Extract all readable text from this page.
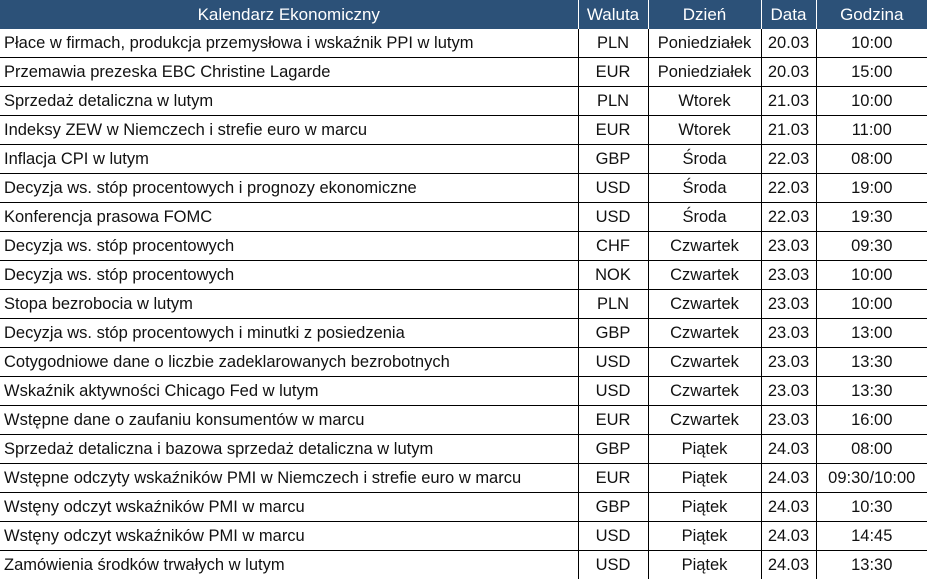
Kalendarz Ekonomiczny	Waluta	Dzień	Data	Godzina
Płace w firmach, produkcja przemysłowa i wskaźnik PPI w lutym	PLN	Poniedziałek	20.03	10:00
Przemawia prezeska EBC Christine Lagarde	EUR	Poniedziałek	20.03	15:00
Sprzedaż detaliczna w lutym	PLN	Wtorek	21.03	10:00
Indeksy ZEW w Niemczech i strefie euro w marcu	EUR	Wtorek	21.03	11:00
Inflacja CPI w lutym	GBP	Środa	22.03	08:00
Decyzja ws. stóp procentowych i prognozy ekonomiczne	USD	Środa	22.03	19:00
Konferencja prasowa FOMC	USD	Środa	22.03	19:30
Decyzja ws. stóp procentowych	CHF	Czwartek	23.03	09:30
Decyzja ws. stóp procentowych	NOK	Czwartek	23.03	10:00
Stopa bezrobocia w lutym	PLN	Czwartek	23.03	10:00
Decyzja ws. stóp procentowych i minutki z posiedzenia	GBP	Czwartek	23.03	13:00
Cotygodniowe dane o liczbie zadeklarowanych bezrobotnych	USD	Czwartek	23.03	13:30
Wskaźnik aktywności Chicago Fed w lutym	USD	Czwartek	23.03	13:30
Wstępne dane o zaufaniu konsumentów w marcu	EUR	Czwartek	23.03	16:00
Sprzedaż detaliczna i bazowa sprzedaż detaliczna w lutym	GBP	Piątek	24.03	08:00
Wstępne odczyty wskaźników PMI w Niemczech i strefie euro w marcu	EUR	Piątek	24.03	09:30/10:00
Wstęny odczyt wskaźników PMI w marcu	GBP	Piątek	24.03	10:30
Wstęny odczyt wskaźników PMI w marcu	USD	Piątek	24.03	14:45
Zamówienia środków trwałych w lutym	USD	Piątek	24.03	13:30
